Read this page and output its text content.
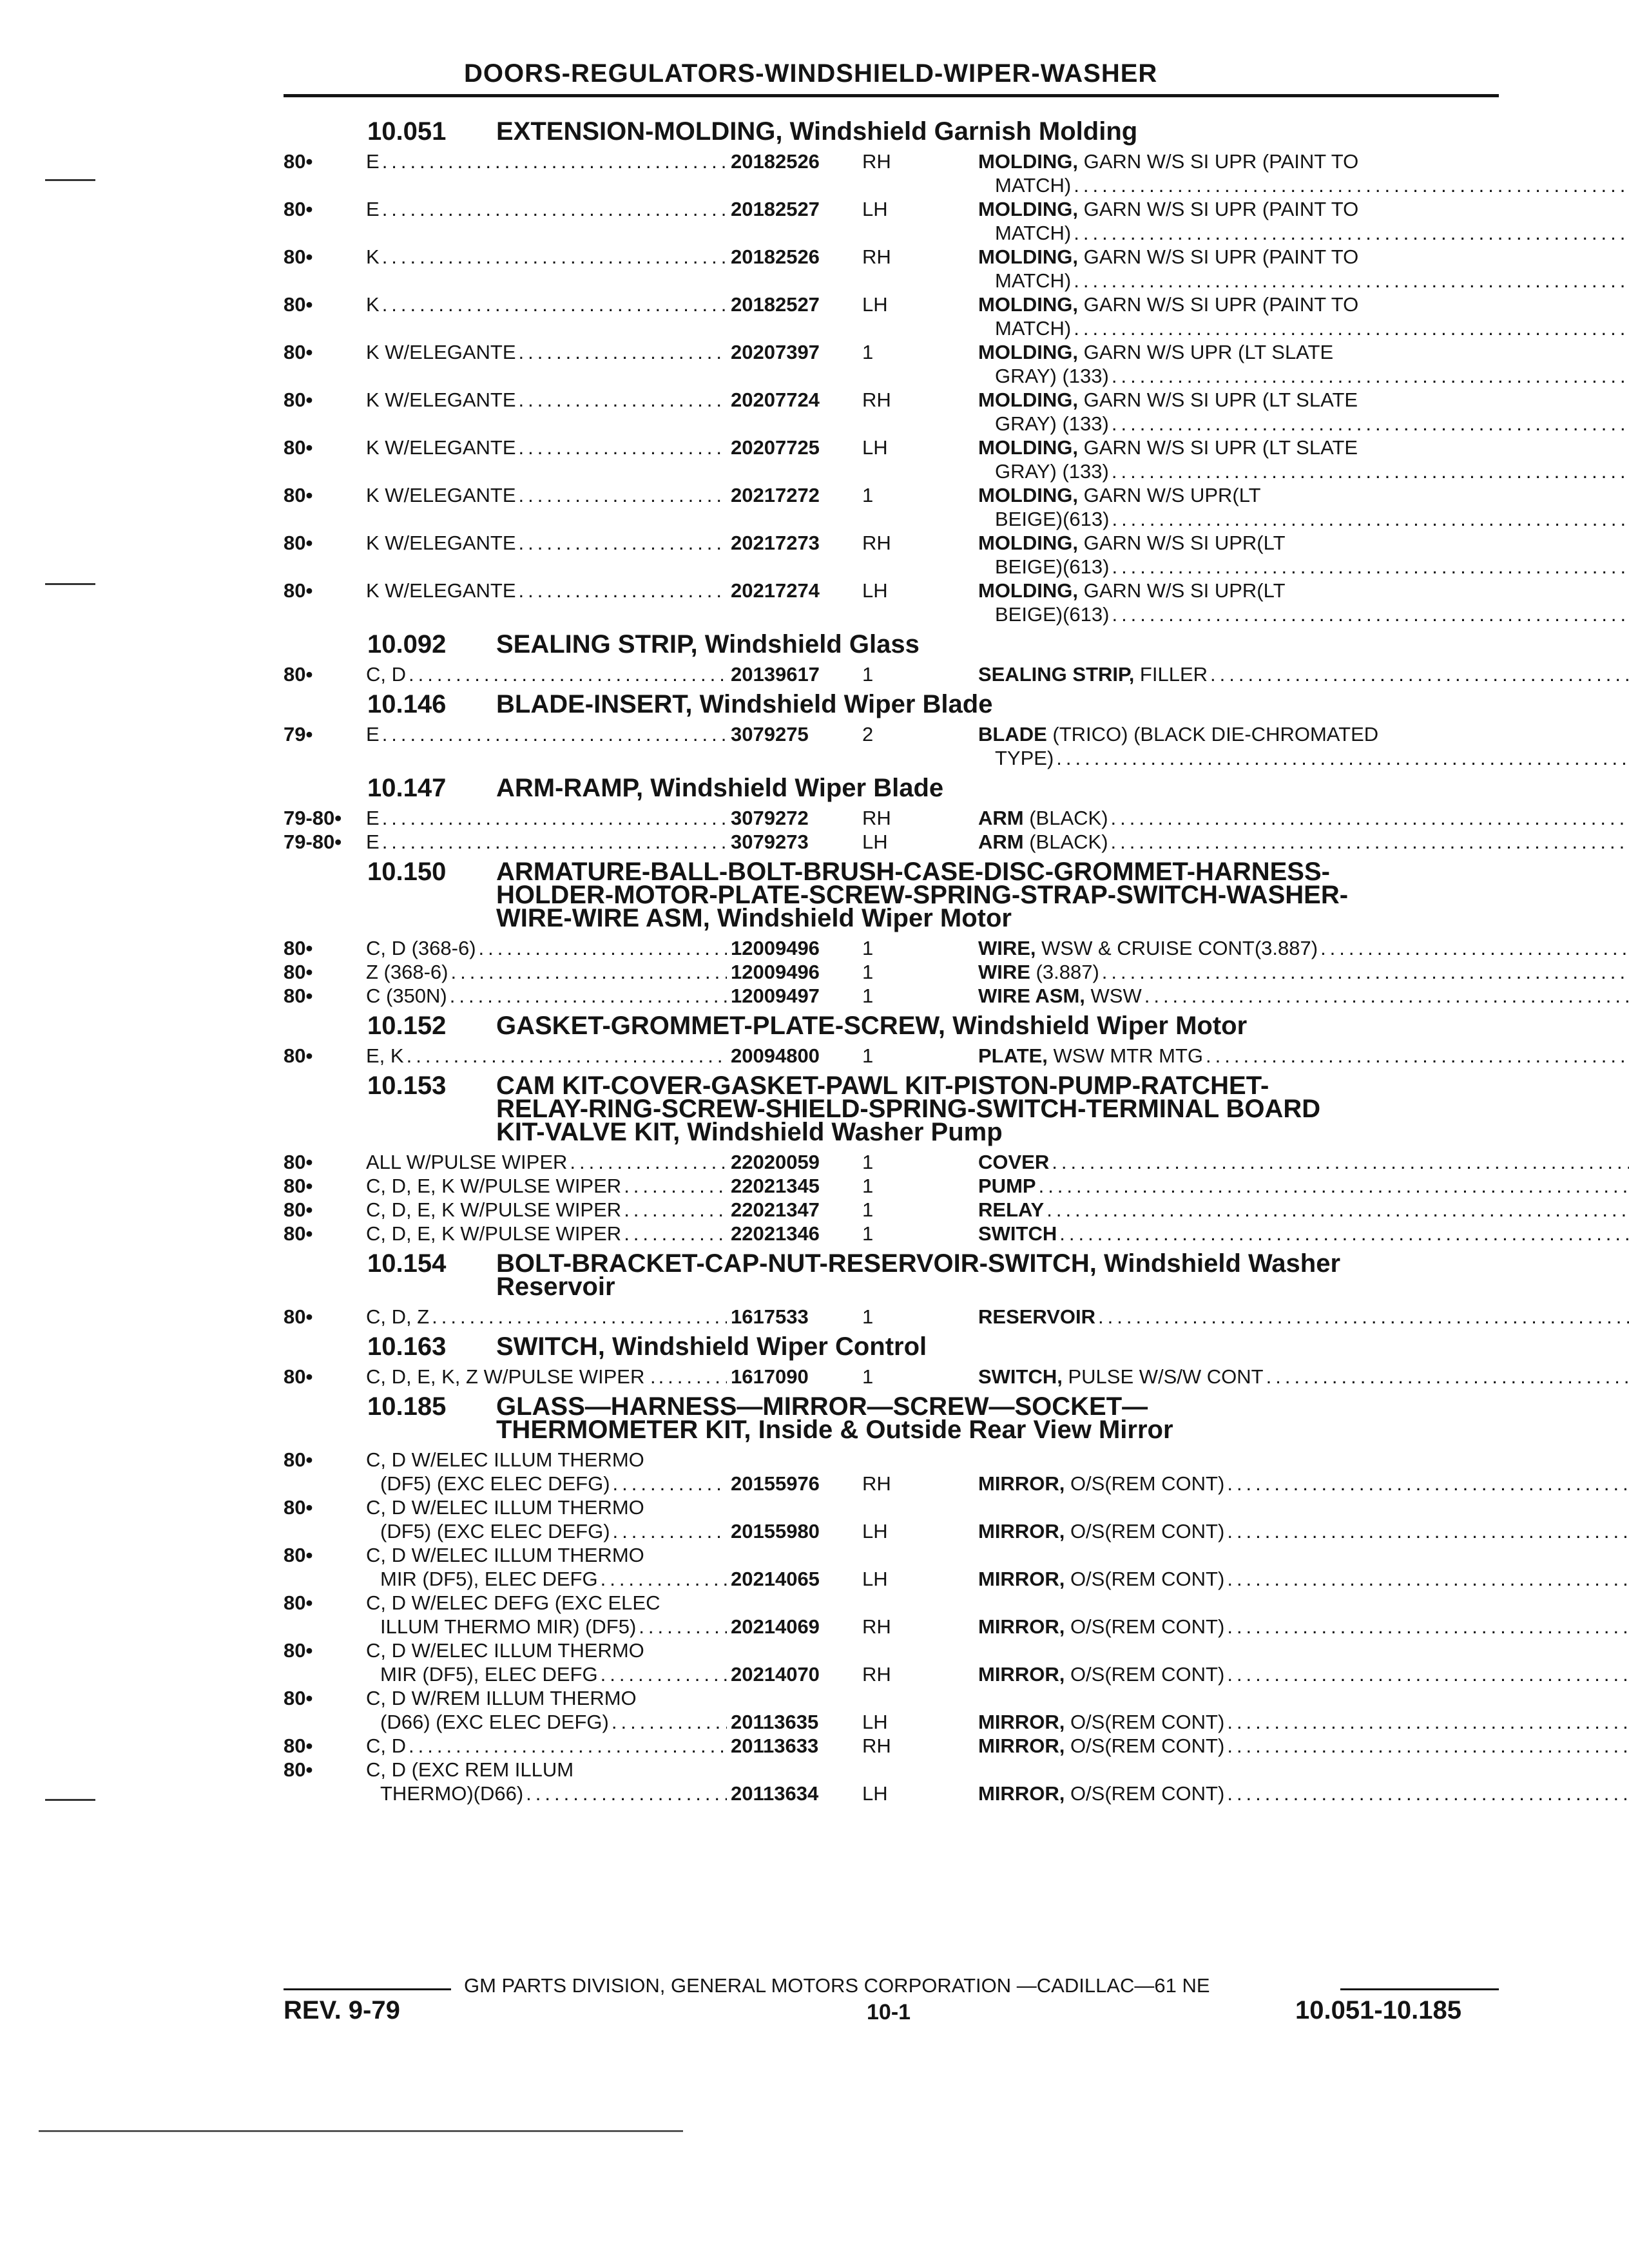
DOORS-REGULATORS-WINDSHIELD-WIPER-WASHER
10.051	EXTENSION-MOLDING, Windshield Garnish Molding
80•	E .....	20182526	RH	MOLDING, GARN W/S SI UPR (PAINT TO
MATCH)
.....
80•	E .....	20182527	LH	MOLDING, GARN W/S SI UPR (PAINT TO
MATCH)
.....
80•	K .....	20182526	RH	MOLDING, GARN W/S SI UPR (PAINT TO
MATCH)
.....
80•	K .....	20182527	LH	MOLDING, GARN W/S SI UPR (PAINT TO
MATCH)
.....
80•	K W/ELEGANTE .....	20207397	1	MOLDING, GARN W/S UPR (LT SLATE
GRAY) (133)
.....
80•	K W/ELEGANTE .....	20207724	RH	MOLDING, GARN W/S SI UPR (LT SLATE
GRAY) (133)
.....
80•	K W/ELEGANTE .....	20207725	LH	MOLDING, GARN W/S SI UPR (LT SLATE
GRAY) (133)
.....
80•	K W/ELEGANTE .....	20217272	1	MOLDING, GARN W/S UPR(LT
BEIGE)(613)
.....
80•	K W/ELEGANTE .....	20217273	RH	MOLDING, GARN W/S SI UPR(LT
BEIGE)(613)
.....
80•	K W/ELEGANTE .....	20217274	LH	MOLDING, GARN W/S SI UPR(LT
BEIGE)(613)
.....
10.092	SEALING STRIP, Windshield Glass
80•	C, D .....	20139617	1	SEALING STRIP, FILLER
.....
10.146	BLADE-INSERT, Windshield Wiper Blade
79•	E .....	3079275	2	BLADE (TRICO) (BLACK DIE-CHROMATED
TYPE)
.....
10.147	ARM-RAMP, Windshield Wiper Blade
79-80•	E .....	3079272	RH	ARM (BLACK)
.....
79-80•	E .....	3079273	LH	ARM (BLACK)
.....
10.150	ARMATURE-BALL-BOLT-BRUSH-CASE-DISC-GROMMET-HARNESS-
HOLDER-MOTOR-PLATE-SCREW-SPRING-STRAP-SWITCH-WASHER-
WIRE-WIRE ASM, Windshield Wiper Motor
80•	C, D (368-6) .....	12009496	1	WIRE, WSW & CRUISE CONT(3.887)
.....
80•	Z (368-6) .....	12009496	1	WIRE (3.887)
.....
80•	C (350N) .....	12009497	1	WIRE ASM, WSW
.....
10.152	GASKET-GROMMET-PLATE-SCREW, Windshield Wiper Motor
80•	E, K .....	20094800	1	PLATE, WSW MTR MTG
.....
10.153	CAM KIT-COVER-GASKET-PAWL KIT-PISTON-PUMP-RATCHET-
RELAY-RING-SCREW-SHIELD-SPRING-SWITCH-TERMINAL BOARD
KIT-VALVE KIT, Windshield Washer Pump
80•	ALL W/PULSE WIPER .....	22020059	1	COVER
.....
80•	C, D, E, K W/PULSE WIPER .....	22021345	1	PUMP
.....
80•	C, D, E, K W/PULSE WIPER .....	22021347	1	RELAY
.....
80•	C, D, E, K W/PULSE WIPER .....	22021346	1	SWITCH
.....
10.154	BOLT-BRACKET-CAP-NUT-RESERVOIR-SWITCH, Windshield Washer
Reservoir
80•	C, D, Z .....	1617533	1	RESERVOIR
.....
10.163	SWITCH, Windshield Wiper Control
80•	C, D, E, K, Z W/PULSE WIPER . .....	1617090	1	SWITCH, PULSE W/S/W CONT
.....
10.185	GLASS—HARNESS—MIRROR—SCREW—SOCKET—
THERMOMETER KIT, Inside & Outside Rear View Mirror
80•	C, D W/ELEC ILLUM THERMO
(DF5) (EXC ELEC DEFG) .....	20155976	RH	MIRROR, O/S(REM CONT)
.....
80•	C, D W/ELEC ILLUM THERMO
(DF5) (EXC ELEC DEFG) .....	20155980	LH	MIRROR, O/S(REM CONT)
.....
80•	C, D W/ELEC ILLUM THERMO
MIR (DF5), ELEC DEFG .....	20214065	LH	MIRROR, O/S(REM CONT)
.....
80•	C, D W/ELEC DEFG (EXC ELEC
ILLUM THERMO MIR) (DF5) .....	20214069	RH	MIRROR, O/S(REM CONT)
.....
80•	C, D W/ELEC ILLUM THERMO
MIR (DF5), ELEC DEFG .....	20214070	RH	MIRROR, O/S(REM CONT)
.....
80•	C, D W/REM ILLUM THERMO
(D66) (EXC ELEC DEFG) .....	20113635	LH	MIRROR, O/S(REM CONT)
.....
80•	C, D .....	20113633	RH	MIRROR, O/S(REM CONT)
.....
80•	C, D (EXC REM ILLUM
THERMO)(D66) .....	20113634	LH	MIRROR, O/S(REM CONT)
.....
GM PARTS DIVISION, GENERAL MOTORS CORPORATION —CADILLAC—61 NE
REV. 9-79	10-1	10.051-10.185
